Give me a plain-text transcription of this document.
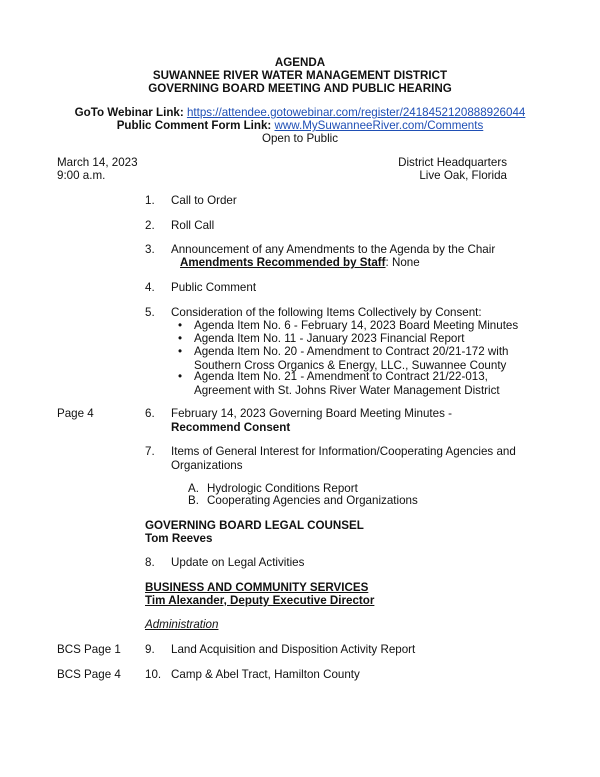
AGENDA
SUWANNEE RIVER WATER MANAGEMENT DISTRICT
GOVERNING BOARD MEETING AND PUBLIC HEARING
GoTo Webinar Link: https://attendee.gotowebinar.com/register/2418452120888926044
Public Comment Form Link: www.MySuwanneeRiver.com/Comments
Open to Public
March 14, 2023
9:00 a.m.
District Headquarters
Live Oak, Florida
1. Call to Order
2. Roll Call
3. Announcement of any Amendments to the Agenda by the Chair
Amendments Recommended by Staff: None
4. Public Comment
5. Consideration of the following Items Collectively by Consent:
• Agenda Item No. 6 - February 14, 2023 Board Meeting Minutes
• Agenda Item No. 11 - January 2023 Financial Report
• Agenda Item No. 20 - Amendment to Contract 20/21-172 with Southern Cross Organics & Energy, LLC., Suwannee County
• Agenda Item No. 21 - Amendment to Contract 21/22-013, Agreement with St. Johns River Water Management District
Page 4	6. February 14, 2023 Governing Board Meeting Minutes - Recommend Consent
7. Items of General Interest for Information/Cooperating Agencies and Organizations
A. Hydrologic Conditions Report
B. Cooperating Agencies and Organizations
GOVERNING BOARD LEGAL COUNSEL
Tom Reeves
8. Update on Legal Activities
BUSINESS AND COMMUNITY SERVICES
Tim Alexander, Deputy Executive Director
Administration
BCS Page 1 9. Land Acquisition and Disposition Activity Report
BCS Page 4 10. Camp & Abel Tract, Hamilton County
